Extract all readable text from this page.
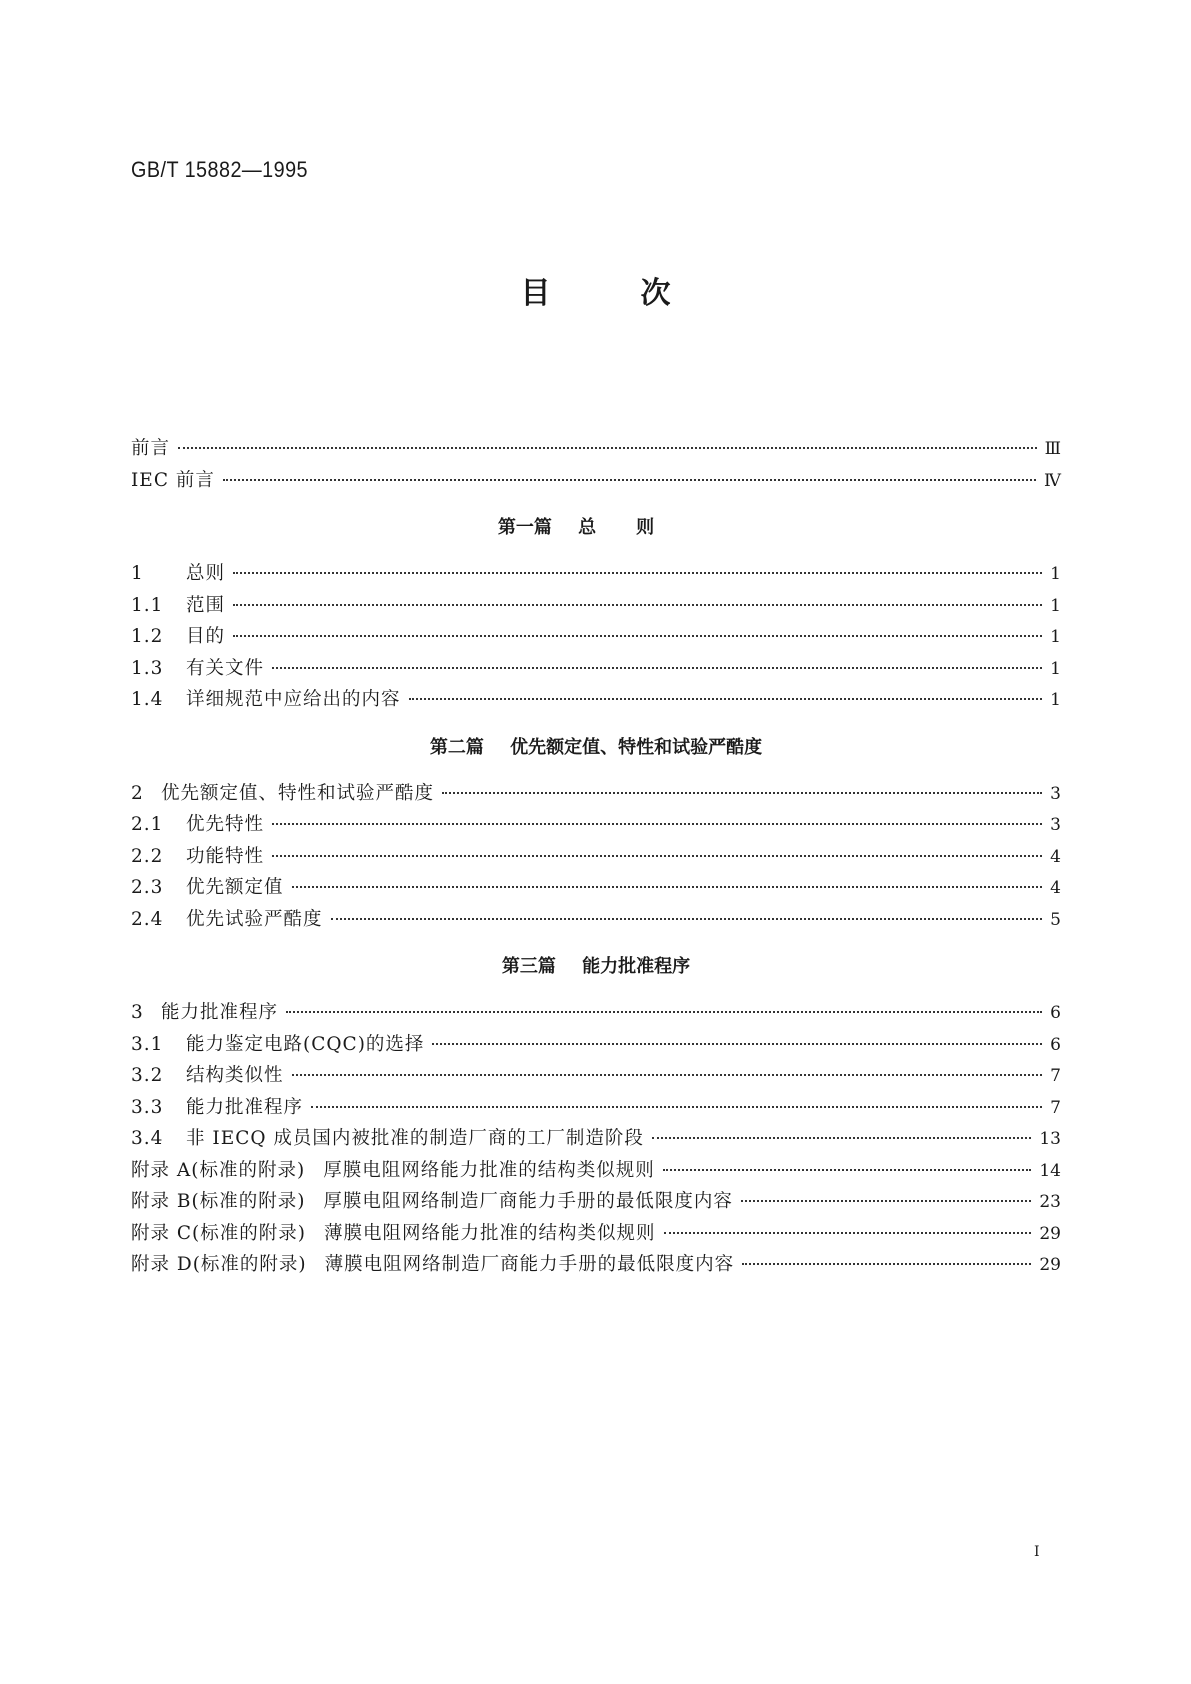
GB/T 15882—1995
目次
前言	Ⅲ
IEC 前言	Ⅳ
第一篇 总则
1	总则	1
1.1	范围	1
1.2	目的	1
1.3	有关文件	1
1.4	详细规范中应给出的内容	1
第二篇 优先额定值、特性和试验严酷度
2 优先额定值、特性和试验严酷度	3
2.1	优先特性	3
2.2	功能特性	4
2.3	优先额定值	4
2.4	优先试验严酷度	5
第三篇 能力批准程序
3 能力批准程序	6
3.1	能力鉴定电路(CQC)的选择	6
3.2	结构类似性	7
3.3	能力批准程序	7
3.4	非 IECQ 成员国内被批准的制造厂商的工厂制造阶段	13
附录 A(标准的附录) 厚膜电阻网络能力批准的结构类似规则	14
附录 B(标准的附录) 厚膜电阻网络制造厂商能力手册的最低限度内容	23
附录 C(标准的附录) 薄膜电阻网络能力批准的结构类似规则	29
附录 D(标准的附录) 薄膜电阻网络制造厂商能力手册的最低限度内容	29
I
